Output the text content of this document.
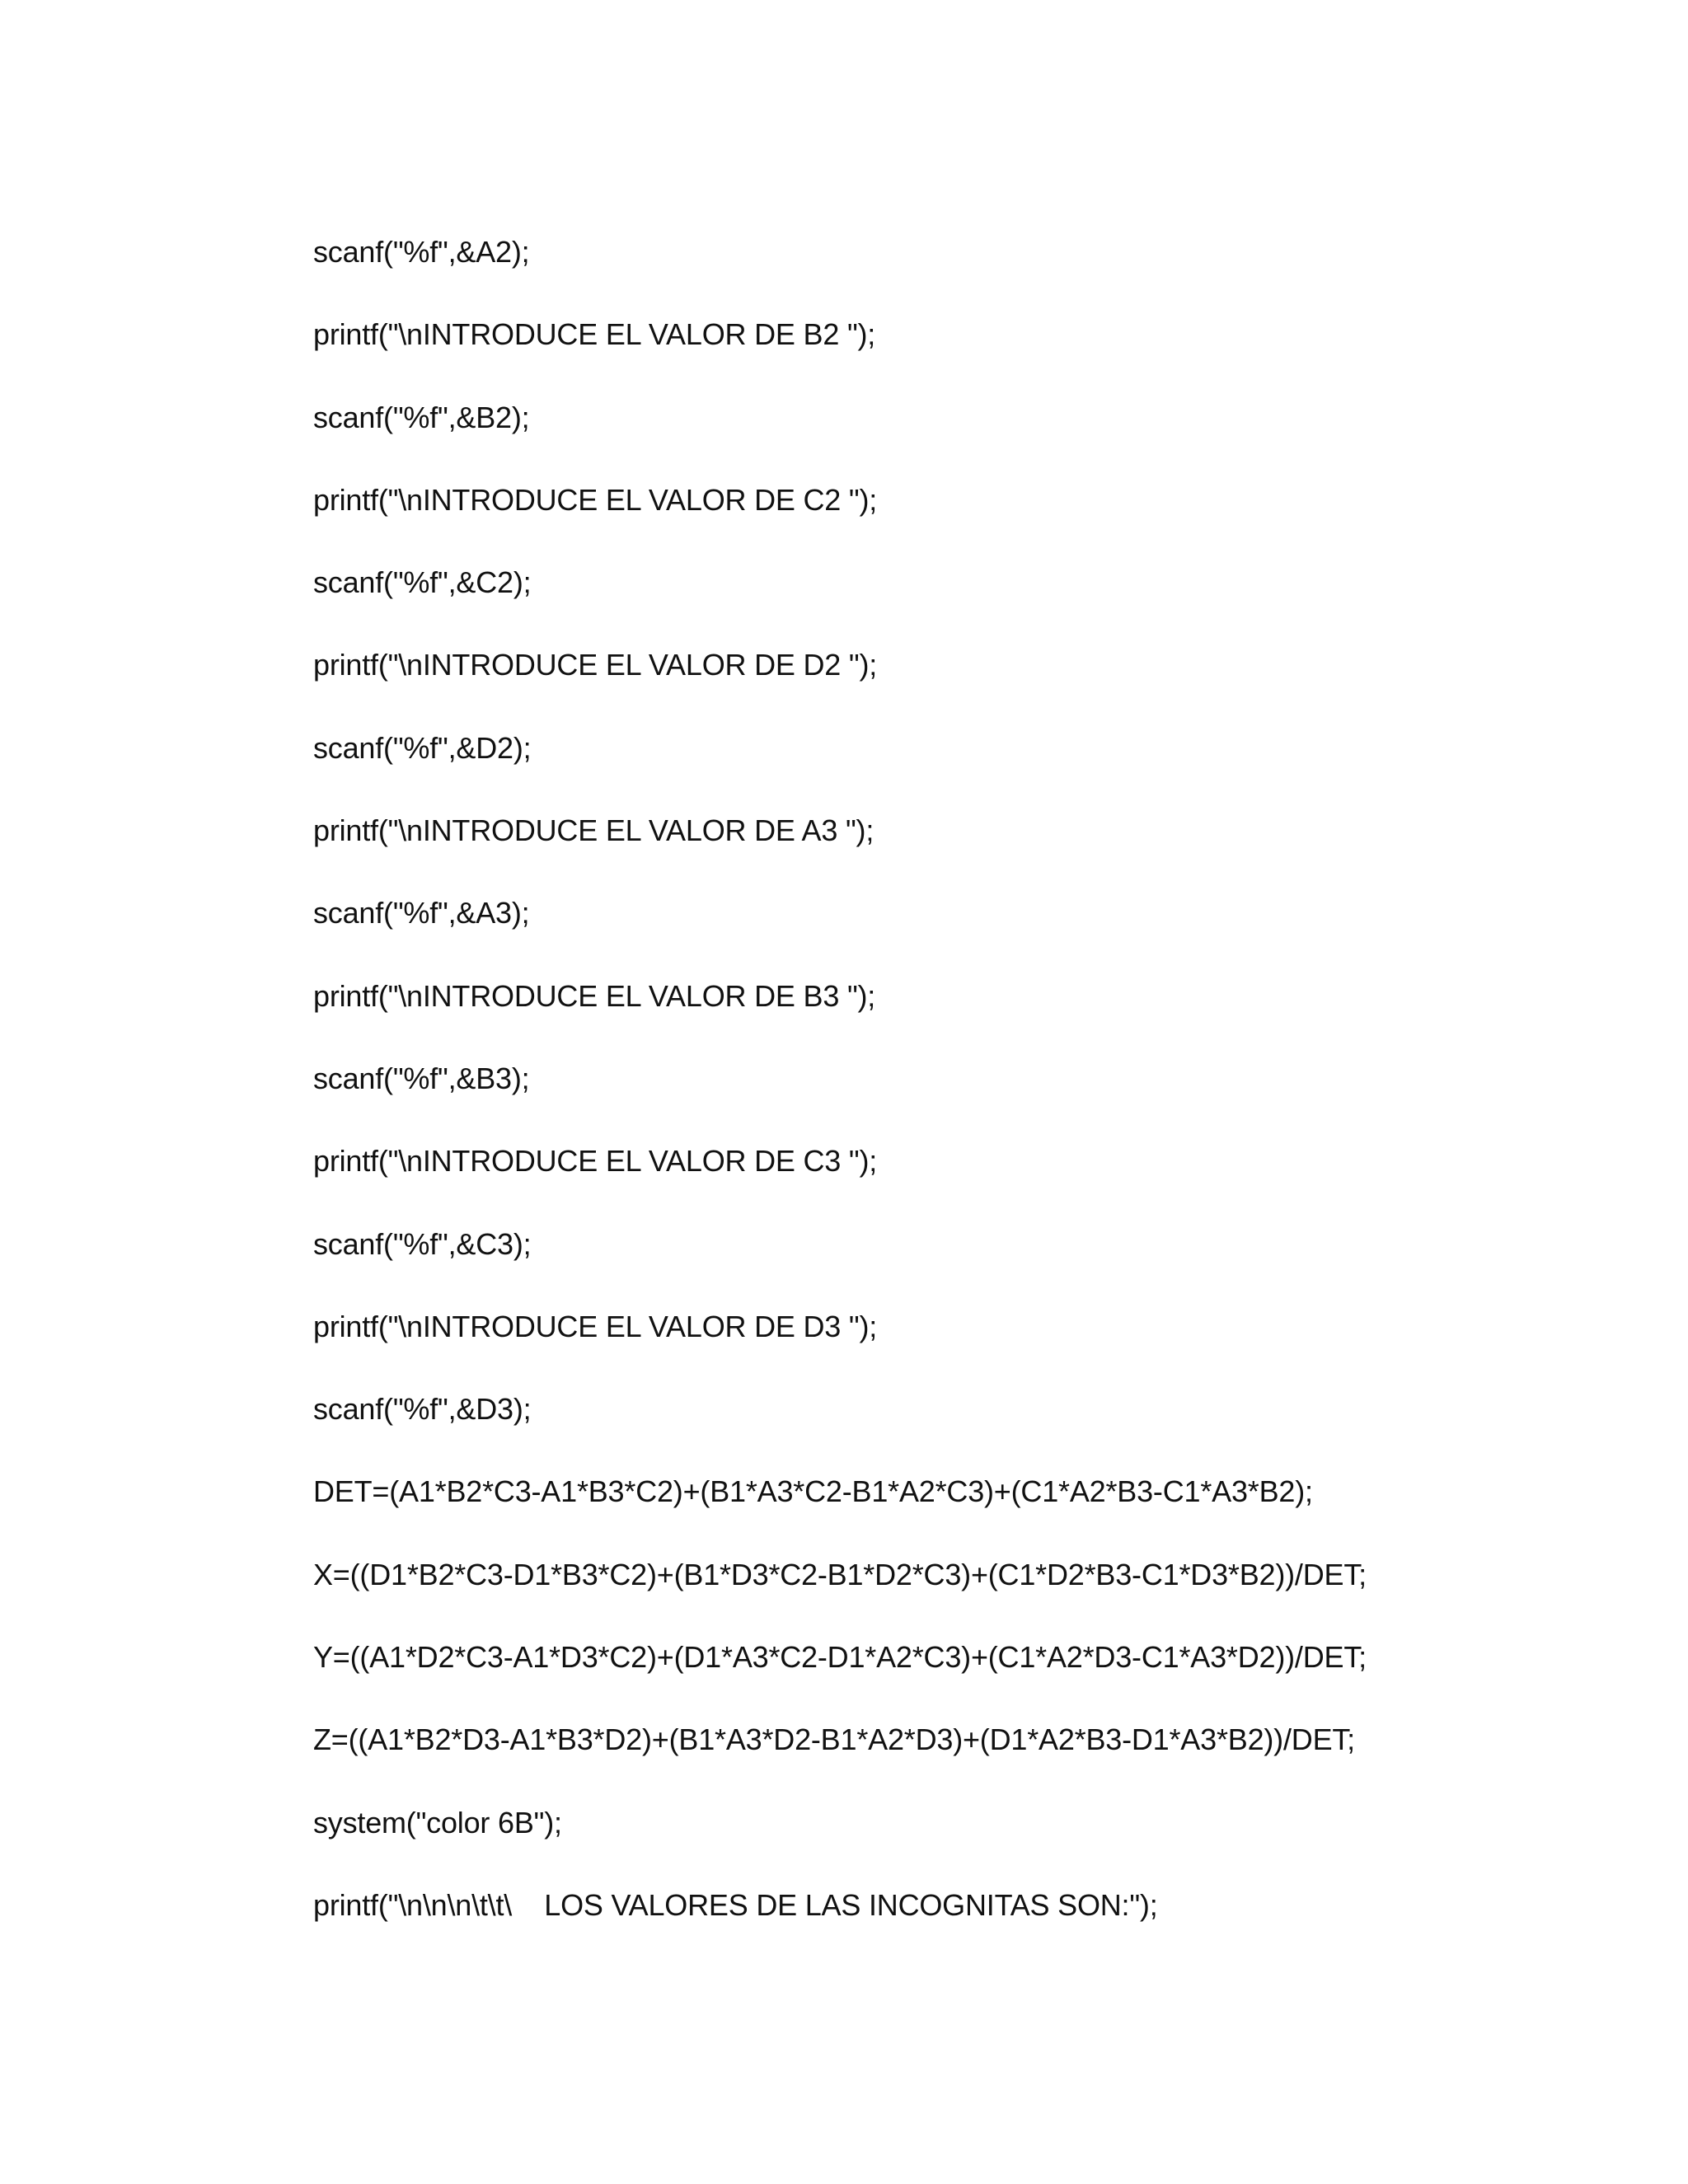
scanf("%f",&A2);
printf("\nINTRODUCE EL VALOR DE B2 ");
scanf("%f",&B2);
printf("\nINTRODUCE EL VALOR DE C2 ");
scanf("%f",&C2);
printf("\nINTRODUCE EL VALOR DE D2 ");
scanf("%f",&D2);
printf("\nINTRODUCE EL VALOR DE A3 ");
scanf("%f",&A3);
printf("\nINTRODUCE EL VALOR DE B3 ");
scanf("%f",&B3);
printf("\nINTRODUCE EL VALOR DE C3 ");
scanf("%f",&C3);
printf("\nINTRODUCE EL VALOR DE D3 ");
scanf("%f",&D3);
DET=(A1*B2*C3-A1*B3*C2)+(B1*A3*C2-B1*A2*C3)+(C1*A2*B3-C1*A3*B2);
X=((D1*B2*C3-D1*B3*C2)+(B1*D3*C2-B1*D2*C3)+(C1*D2*B3-C1*D3*B2))/DET;
Y=((A1*D2*C3-A1*D3*C2)+(D1*A3*C2-D1*A2*C3)+(C1*A2*D3-C1*A3*D2))/DET;
Z=((A1*B2*D3-A1*B3*D2)+(B1*A3*D2-B1*A2*D3)+(D1*A2*B3-D1*A3*B2))/DET;
system("color 6B");
printf("\n\n\n\t\t\    LOS VALORES DE LAS INCOGNITAS SON:");
